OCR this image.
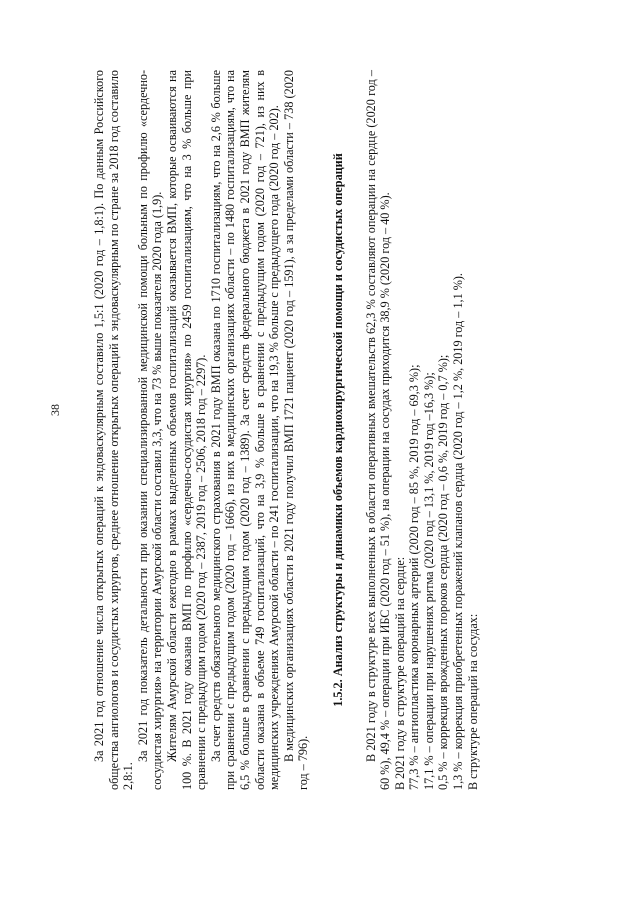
38 За 2021 год отношение числа открытых операций к эндоваскулярным составило 1,5:1 (2020 год – 1,8:1). По данным Российского общества ангиологов и сосудистых хирургов, среднее отношение открытых операций к эндоваскулярным по стране за 2018 год составило 2,8:1.

За 2021 год показатель детальности при оказании специализированной медицинской помощи больным по профилю «сердечно-сосудистая хирургия» на территории Амурской области составил 3,3, что на 73 % выше показателя 2020 года (1,9). Жителям Амурской области ежегодно в рамках выделенных объемов госпитализаций оказывается ВМП, которые осваиваются на 100 %. В 2021 году оказана ВМП по профилю «сердечно-сосудистая хирургия» по 2459 госпитализациям, что на 3 % больше при сравнении с предыдущим годом (2020 год – 2387, 2019 год – 2506, 2018 год – 2297). За счет средств обязательного медицинского страхования в 2021 году ВМП оказана по 1710 госпитализациям, что на 2,6 % больше при сравнении с предыдущим годом (2020 год – 1666), из них в медицинских организациях области – по 1480 госпитализациям, что на 6,5 % больше в сравнении с предыдущим годом (2020 год – 1389). За счет средств федерального бюджета в 2021 году ВМП жителям области оказана в объеме 749 госпитализаций, что на 3,9 % больше в сравнении с предыдущим годом (2020 год – 721), из них в медицинских учреждениях Амурской области – по 241 госпитализации, что на 19,3 % больше с предыдущего года (2020 год – 202). В медицинских организациях области в 2021 году получил ВМП 1721 пациент (2020 год – 1591), а за пределами области – 738 (2020 год – 796).

1.5.2. Анализ структуры и динамики объемов кардиохирургической помощи и сосудистых операций В 2021 году в структуре всех выполненных в области оперативных вмешательств 62,3 % составляют операции на сердце (2020 год – 60 %), 49,4 % – операции при ИБС (2020 год – 51 %), на операции на сосудах приходится 38,9 % (2020 год – 40 %). В 2021 году в структуре операций на сердце: 77,3 % – ангиопластика коронарных артерий (2020 год – 85 %, 2019 год – 69,3 %); 17,1 % – операции при нарушениях ритма (2020 год – 13,1 %, 2019 год –16,3 %); 0,5 % – коррекция врожденных пороков сердца (2020 год – 0,6 %, 2019 год – 0,7 %); 1,3 % – коррекция приобретенных поражений клапанов сердца (2020 год – 1,2 %, 2019 год – 1,1 %). В структуре операций на сосудах:
